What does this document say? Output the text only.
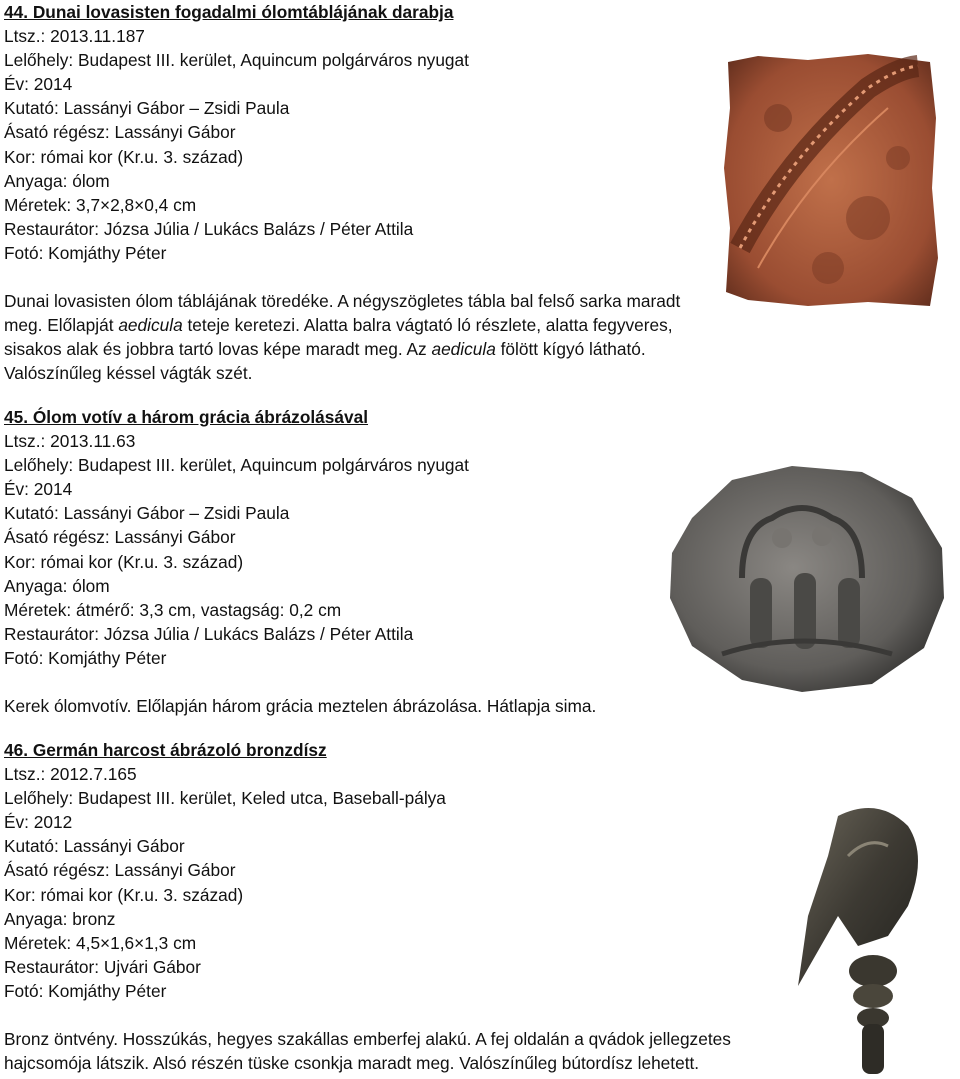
44. Dunai lovasisten fogadalmi ólomtáblájának darabja
Ltsz.: 2013.11.187
Lelőhely: Budapest III. kerület, Aquincum polgárváros nyugat
Év: 2014
Kutató: Lassányi Gábor – Zsidi Paula
Ásató régész: Lassányi Gábor
Kor: római kor (Kr.u. 3. század)
Anyaga: ólom
Méretek: 3,7×2,8×0,4 cm
Restaurátor: Józsa Júlia / Lukács Balázs / Péter Attila
Fotó: Komjáthy Péter
Dunai lovasisten ólom táblájának töredéke. A négyszögletes tábla bal felső sarka maradt meg. Előlapját aedicula teteje keretezi. Alatta balra vágtató ló részlete, alatta fegyveres, sisakos alak és jobbra tartó lovas képe maradt meg. Az aedicula fölött kígyó látható. Valószínűleg késsel vágták szét.
45. Ólom votív a három grácia ábrázolásával
Ltsz.: 2013.11.63
Lelőhely: Budapest III. kerület, Aquincum polgárváros nyugat
Év: 2014
Kutató: Lassányi Gábor – Zsidi Paula
Ásató régész: Lassányi Gábor
Kor: római kor (Kr.u. 3. század)
Anyaga: ólom
Méretek: átmérő: 3,3 cm, vastagság: 0,2 cm
Restaurátor: Józsa Júlia / Lukács Balázs / Péter Attila
Fotó: Komjáthy Péter
Kerek ólomvotív. Előlapján három grácia meztelen ábrázolása. Hátlapja sima.
46. Germán harcost ábrázoló bronzdísz
Ltsz.: 2012.7.165
Lelőhely: Budapest III. kerület, Keled utca, Baseball-pálya
Év: 2012
Kutató: Lassányi Gábor
Ásató régész: Lassányi Gábor
Kor: római kor (Kr.u. 3. század)
Anyaga: bronz
Méretek: 4,5×1,6×1,3 cm
Restaurátor: Ujvári Gábor
Fotó: Komjáthy Péter
Bronz öntvény. Hosszúkás, hegyes szakállas emberfej alakú. A fej oldalán a qvádok jellegzetes hajcsomója látszik. Alsó részén tüske csonkja maradt meg. Valószínűleg bútordísz lehetett.
